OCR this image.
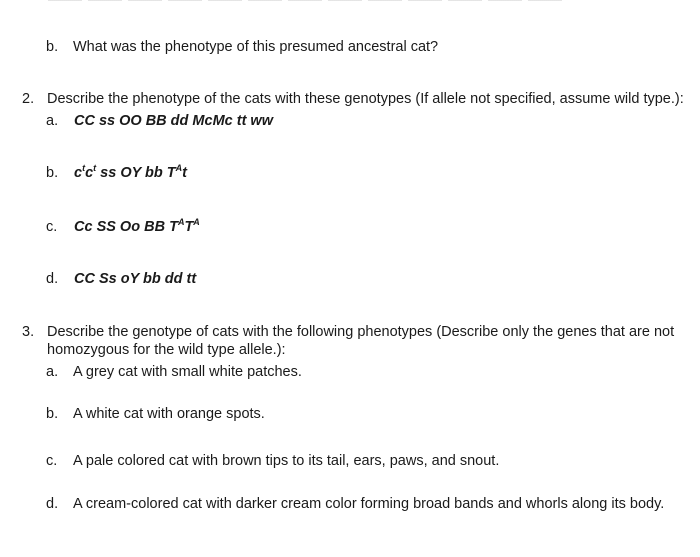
b. What was the phenotype of this presumed ancestral cat?
2. Describe the phenotype of the cats with these genotypes (If allele not specified, assume wild type.):
a. CC ss OO BB dd McMc tt ww
b. $c^tc^t$ ss OY bb $T^At$
c. Cc SS Oo BB $T^AT^A$
d. CC Ss oY bb dd tt
3. Describe the genotype of cats with the following phenotypes (Describe only the genes that are not
homozygous for the wild type allele.):
a. A grey cat with small white patches.
b. A white cat with orange spots.
c. A pale colored cat with brown tips to its tail, ears, paws, and snout.
d. A cream-colored cat with darker cream color forming broad bands and whorls along its body.
